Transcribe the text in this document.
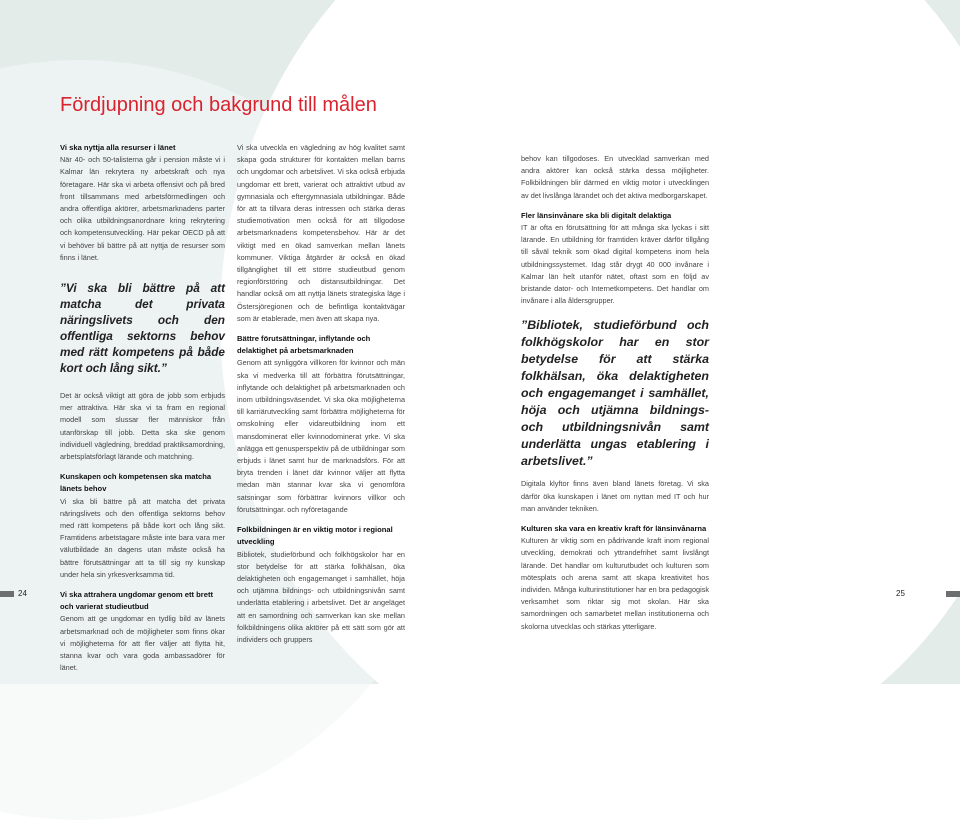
Fördjupning och bakgrund till målen
Vi ska nyttja alla resurser i länet

När 40- och 50-talisterna går i pension måste vi i Kalmar län rekrytera ny arbetskraft och nya företagare. Här ska vi arbeta offensivt och på bred front tillsammans med arbetsförmedlingen och andra offentliga aktörer, arbetsmarknadens parter och olika utbildningsanordnare kring rekrytering och kompetensutveckling. Här pekar OECD på att vi behöver bli bättre på att nyttja de resurser som finns i länet.

”Vi ska bli bättre på att matcha det privata näringslivets och den offentliga sektorns behov med rätt kompetens på både kort och lång sikt.”

Det är också viktigt att göra de jobb som erbjuds mer attraktiva. Här ska vi ta fram en regional modell som slussar fler människor från utanförskap till jobb. Detta ska ske genom individuell vägledning, breddad praktiksamordning, arbetsplatsförlagt lärande och matchning.

Kunskapen och kompetensen ska matcha länets behov

Vi ska bli bättre på att matcha det privata näringslivets och den offentliga sektorns behov med rätt kompetens på både kort och lång sikt. Framtidens arbetstagare måste inte bara vara mer välutbildade än dagens utan måste också ha bättre förutsättningar att ta till sig ny kunskap under hela sin yrkesverksamma tid.

Vi ska attrahera ungdomar genom ett brett och varierat studieutbud

Genom att ge ungdomar en tydlig bild av länets arbetsmarknad och de möjligheter som finns ökar vi möjligheterna för att fler väljer att flytta hit, stanna kvar och vara goda ambassadörer för länet.

Vi ska utveckla en vägledning av hög kvalitet samt skapa goda strukturer för kontakten mellan barns och ungdomar och arbetslivet. Vi ska också erbjuda ungdomar ett brett, varierat och attraktivt utbud av gymnasiala och eftergymnasiala utbildningar. Både för att ta tillvara deras intressen och stärka deras studiemotivation men också för att tillgodose arbetsmarknadens kompetensbehov. Här är det viktigt med en ökad samverkan mellan länets kommuner. Viktiga åtgärder är också en ökad tillgänglighet till ett större studieutbud genom regionförstöring och distansutbildningar. Det handlar också om att nyttja länets strategiska läge i Östersjöregionen och de befintliga kontaktvägar som är etablerade, men även att skapa nya.

Bättre förutsättningar, inflytande och delaktighet på arbetsmarknaden

Genom att synliggöra villkoren för kvinnor och män ska vi medverka till att förbättra förutsättningar, inflytande och delaktighet på arbetsmarknaden och inom utbildningsväsendet. Vi ska öka möjligheterna till karriärutveckling samt förbättra möjligheterna för omskolning eller vidareutbildning inom ett mansdominerat eller kvinnodominerat yrke. Vi ska anlägga ett genusperspektiv på de utbildningar som erbjuds i länet samt hur de marknadsförs. För att bryta trenden i länet där kvinnor väljer att flytta medan män stannar kvar ska vi genomföra satsningar som förbättrar kvinnors villkor och förutsättningar. och nyföretagande

Folkbildningen är en viktig motor i regional utveckling

Bibliotek, studieförbund och folkhögskolor har en stor betydelse för att stärka folkhälsan, öka delaktigheten och engagemanget i samhället, höja och utjämna bildnings- och utbildningsnivån samt underlätta etablering i arbetslivet. Det är angeläget att en samordning och samverkan kan ske mellan folkbildningens olika aktörer på ett sätt som gör att individers och gruppers

behov kan tillgodoses. En utvecklad samverkan med andra aktörer kan också stärka dessa möjligheter. Folkbildningen blir därmed en viktig motor i utvecklingen av det livslånga lärandet och det aktiva medborgarskapet.

Fler länsinvånare ska bli digitalt delaktiga

IT är ofta en förutsättning för att många ska lyckas i sitt lärande. En utbildning för framtiden kräver därför tillgång till såväl teknik som ökad digital kompetens inom hela utbildningssystemet. Idag står drygt 40 000 invånare i Kalmar län helt utanför nätet, oftast som en följd av bristande dator- och Internetkompetens. Det handlar om invånare i alla åldersgrupper.

”Bibliotek, studieförbund och folkhögskolor har en stor betydelse för att stärka folkhälsan, öka delaktigheten och engagemanget i samhället, höja och utjämna bildnings- och utbildningsnivån samt underlätta ungas etablering i arbetslivet.”

Digitala klyftor finns även bland länets företag. Vi ska därför öka kunskapen i länet om nyttan med IT och hur man använder tekniken.

Kulturen ska vara en kreativ kraft för länsinvånarna

Kulturen är viktig som en pådrivande kraft inom regional utveckling, demokrati och yttrandefrihet samt livslångt lärande. Det handlar om kulturutbudet och kulturen som mötesplats och arena samt att skapa kreativitet hos individen. Många kulturinstitutioner har en bra pedagogisk verksamhet som riktar sig mot skolan. Här ska samordningen och samarbetet mellan institutionerna och skolorna utvecklas och stärkas ytterligare.

24	25
